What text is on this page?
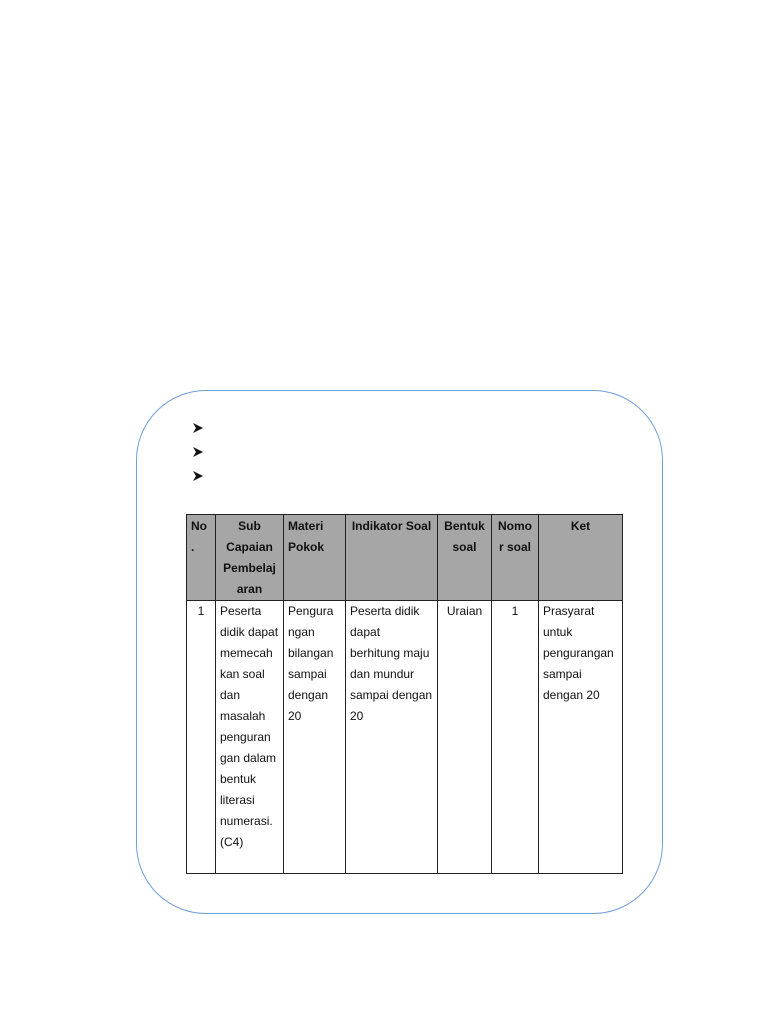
No .	Sub Capaian Pembelaj aran	Materi Pokok	Indikator Soal	Bentuk soal	Nomo r soal	Ket
1	Peserta didik dapat memecah kan soal dan masalah penguran gan dalam bentuk literasi numerasi. (C4)	Pengura ngan bilangan sampai dengan 20	Peserta didik dapat berhitung maju dan mundur sampai dengan 20	Uraian	1	Prasyarat untuk pengurangan sampai dengan 20
